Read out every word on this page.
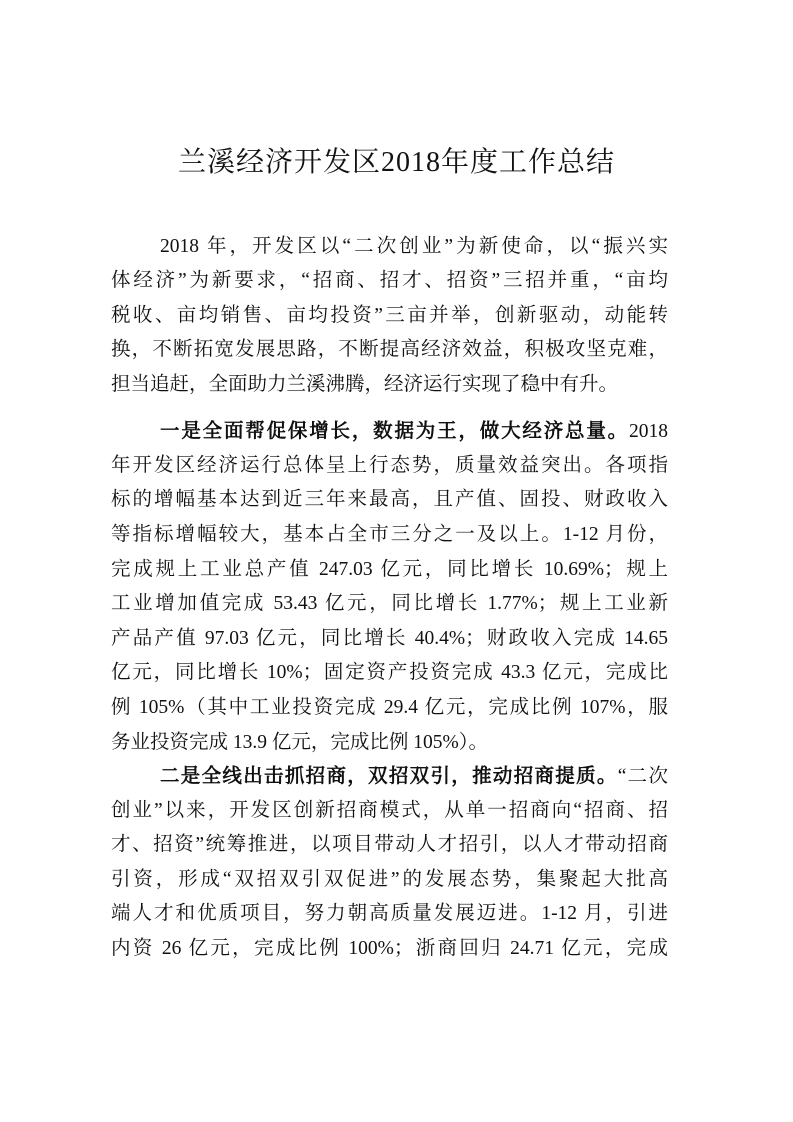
兰溪经济开发区2018年度工作总结
2018 年，开发区以“二次创业”为新使命，以“振兴实
体经济”为新要求，“招商、招才、招资”三招并重，“亩均
税收、亩均销售、亩均投资”三亩并举，创新驱动，动能转
换，不断拓宽发展思路，不断提高经济效益，积极攻坚克难，
担当追赶，全面助力兰溪沸腾，经济运行实现了稳中有升。
一是全面帮促保增长，数据为王，做大经济总量。2018
年开发区经济运行总体呈上行态势，质量效益突出。各项指
标的增幅基本达到近三年来最高，且产值、固投、财政收入
等指标增幅较大，基本占全市三分之一及以上。1-12 月份，
完成规上工业总产值 247.03 亿元，同比增长 10.69%；规上
工业增加值完成 53.43 亿元，同比增长 1.77%；规上工业新
产品产值 97.03 亿元，同比增长 40.4%；财政收入完成 14.65
亿元，同比增长 10%；固定资产投资完成 43.3 亿元，完成比
例 105%（其中工业投资完成 29.4 亿元，完成比例 107%，服
务业投资完成 13.9 亿元，完成比例 105%）。
二是全线出击抓招商，双招双引，推动招商提质。“二次
创业”以来，开发区创新招商模式，从单一招商向“招商、招
才、招资”统筹推进，以项目带动人才招引，以人才带动招商
引资，形成“双招双引双促进”的发展态势，集聚起大批高
端人才和优质项目，努力朝高质量发展迈进。1-12 月，引进
内资 26 亿元，完成比例 100%；浙商回归 24.71 亿元，完成
